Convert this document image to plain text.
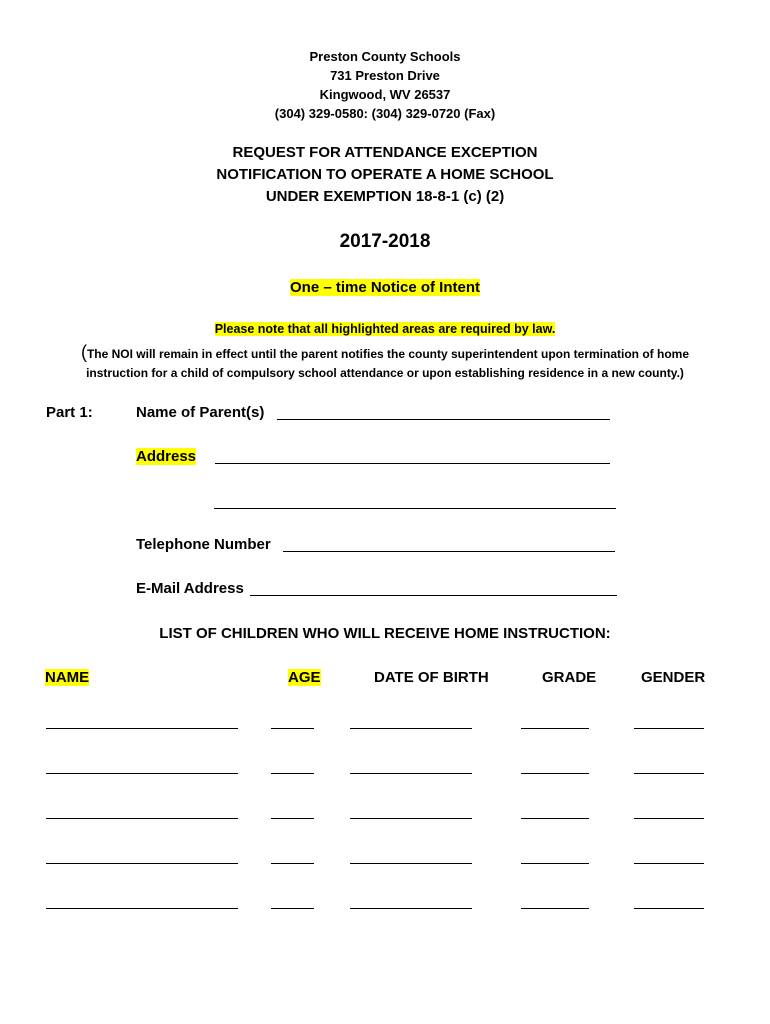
Preston County Schools
731 Preston Drive
Kingwood, WV 26537
(304) 329-0580: (304) 329-0720 (Fax)
REQUEST FOR ATTENDANCE EXCEPTION
NOTIFICATION TO OPERATE A HOME SCHOOL
UNDER EXEMPTION 18-8-1 (c) (2)
2017-2018
One – time Notice of Intent
Please note that all highlighted areas are required by law.
(The NOI will remain in effect until the parent notifies the county superintendent upon termination of home
instruction for a child of compulsory school attendance or upon establishing residence in a new county.)
Part 1:	Name of Parent(s)
Address
Telephone Number
E-Mail Address
LIST OF CHILDREN WHO WILL RECEIVE HOME INSTRUCTION:
NAME	AGE	DATE OF BIRTH	GRADE	GENDER
